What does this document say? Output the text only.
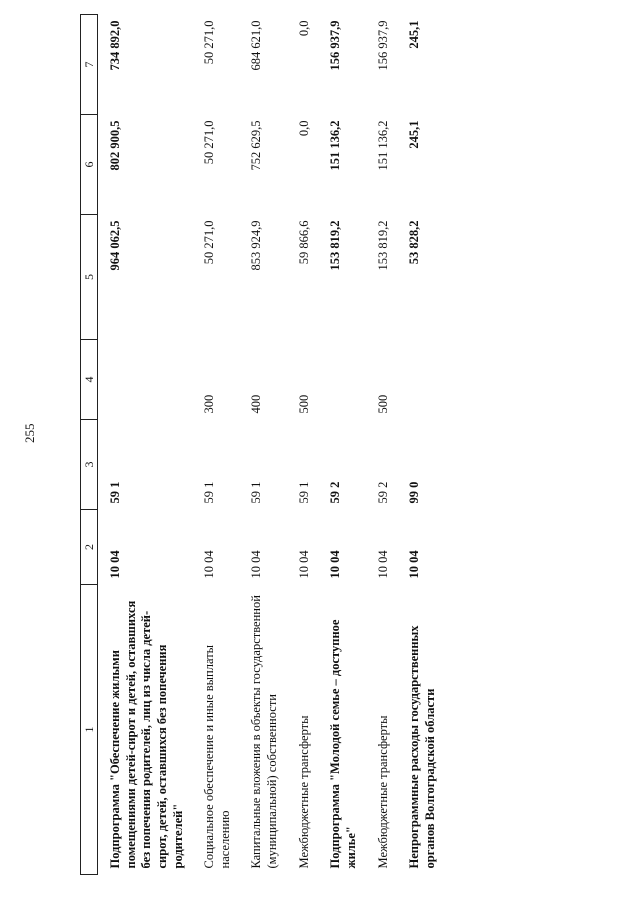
255
1	2	3	4	5	6	7
Подпрограмма "Обеспечение жилыми помещениями детей-сирот и детей, оставшихся без попечения родителей, лиц из числа детей-сирот, детей, оставшихся без попечения родителей"	10 04	59 1		964 062,5	802 900,5	734 892,0
Социальное обеспечение и иные выплаты населению	10 04	59 1	300	50 271,0	50 271,0	50 271,0
Капитальные вложения в объекты государственной (муниципальной) собственности	10 04	59 1	400	853 924,9	752 629,5	684 621,0
Межбюджетные трансферты	10 04	59 1	500	59 866,6	0,0	0,0
Подпрограмма "Молодой семье – доступное жилье"	10 04	59 2		153 819,2	151 136,2	156 937,9
Межбюджетные трансферты	10 04	59 2	500	153 819,2	151 136,2	156 937,9
Непрограммные расходы государственных органов Волгоградской области	10 04	99 0		53 828,2	245,1	245,1
